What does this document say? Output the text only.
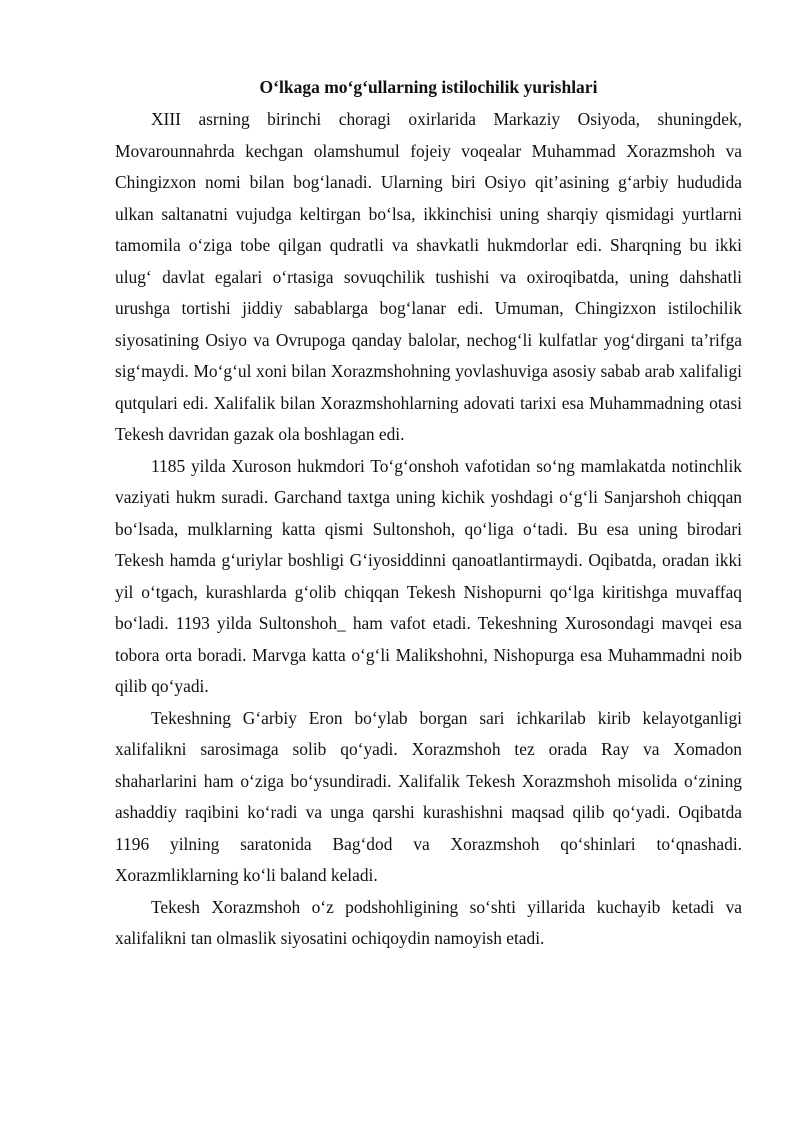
O‘lkaga mo‘g‘ullarning istilochilik yurishlari

XIII asrning birinchi choragi oxirlarida Markaziy Osiyoda, shuningdek, Movarounnahrda kechgan olamshumul fojeiy voqealar Muhammad Xorazmshoh va Chingizxon nomi bilan bog‘lanadi. Ularning biri Osiyo qit’asining g‘arbiy hududida ulkan saltanatni vujudga keltirgan bo‘lsa, ikkinchisi uning sharqiy qismidagi yurtlarni tamomila o‘ziga tobe qilgan qudratli va shavkatli hukmdorlar edi. Sharqning bu ikki ulug‘ davlat egalari o‘rtasiga sovuqchilik tushishi va oxiroqibatda, uning dahshatli urushga tortishi jiddiy sabablarga bog‘lanar edi. Umuman, Chingizxon istilochilik siyosatining Osiyo va Ovrupoga qanday balolar, nechog‘li kulfatlar yog‘dirgani ta’rifga sig‘maydi. Mo‘g‘ul xoni bilan Xorazmshohning yovlashuviga asosiy sabab arab xalifaligi qutqulari edi. Xalifalik bilan Xorazmshohlarning adovati tarixi esa Muhammadning otasi Tekesh davridan gazak ola boshlagan edi.

1185 yilda Xuroson hukmdori To‘g‘onshoh vafotidan so‘ng mamlakatda notinchlik vaziyati hukm suradi. Garchand taxtga uning kichik yoshdagi o‘g‘li Sanjarshoh chiqqan bo‘lsada, mulklarning katta qismi Sultonshoh, qo‘liga o‘tadi. Bu esa uning birodari Tekesh hamda g‘uriylar boshligi G‘iyosiddinni qanoatlantirmaydi. Oqibatda, oradan ikki yil o‘tgach, kurashlarda g‘olib chiqqan Tekesh Nishopurni qo‘lga kiritishga muvaffaq bo‘ladi. 1193 yilda Sultonshoh_ ham vafot etadi. Tekeshning Xurosondagi mavqei esa tobora orta boradi. Marvga katta o‘g‘li Malikshohni, Nishopurga esa Muhammadni noib qilib qo‘yadi.

Tekeshning G‘arbiy Eron bo‘ylab borgan sari ichkarilab kirib kelayotganligi xalifalikni sarosimaga solib qo‘yadi. Xorazmshoh tez orada Ray va Xomadon shaharlarini ham o‘ziga bo‘ysundiradi. Xalifalik Tekesh Xorazmshoh misolida o‘zining ashaddiy raqibini ko‘radi va unga qarshi kurashishni maqsad qilib qo‘yadi. Oqibatda 1196 yilning saratonida Bag‘dod va Xorazmshoh qo‘shinlari to‘qnashadi. Xorazmliklarning ko‘li baland keladi.

Tekesh Xorazmshoh o‘z podshohligining so‘shti yillarida kuchayib ketadi va xalifalikni tan olmaslik siyosatini ochiqoydin namoyish etadi.
